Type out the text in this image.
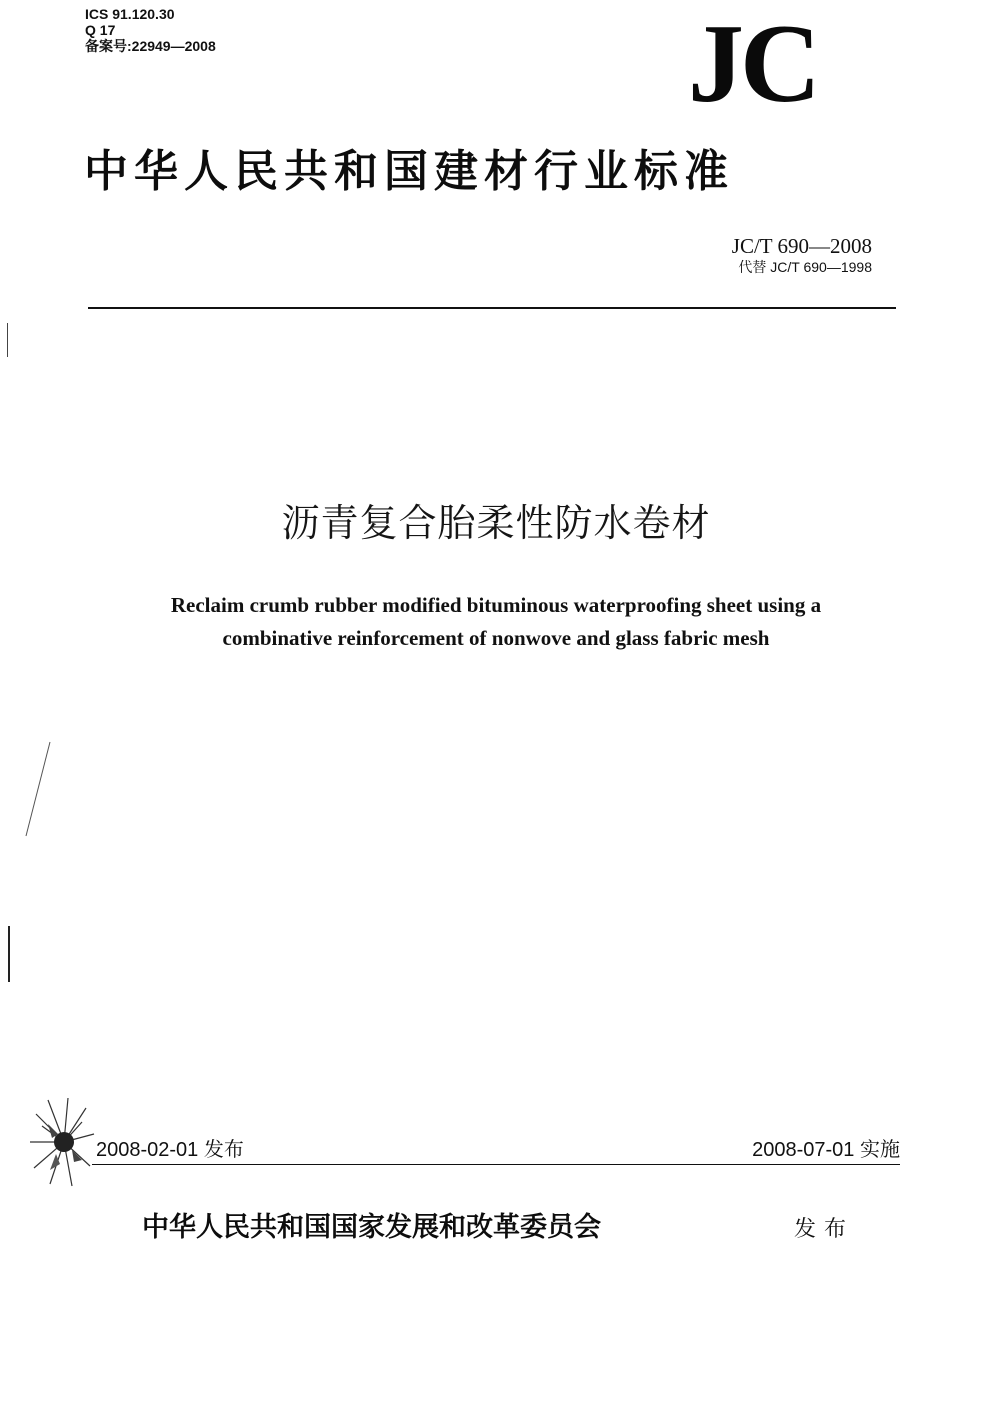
ICS 91.120.30
Q 17
备案号:22949—2008	JC
中华人民共和国建材行业标准
JC/T 690—2008
代替 JC/T 690—1998
沥青复合胎柔性防水卷材
Reclaim crumb rubber modified bituminous waterproofing sheet using a
combinative reinforcement of nonwove and glass fabric mesh
2008-02-01 发布	2008-07-01 实施
中华人民共和国国家发展和改革委员会	发布
